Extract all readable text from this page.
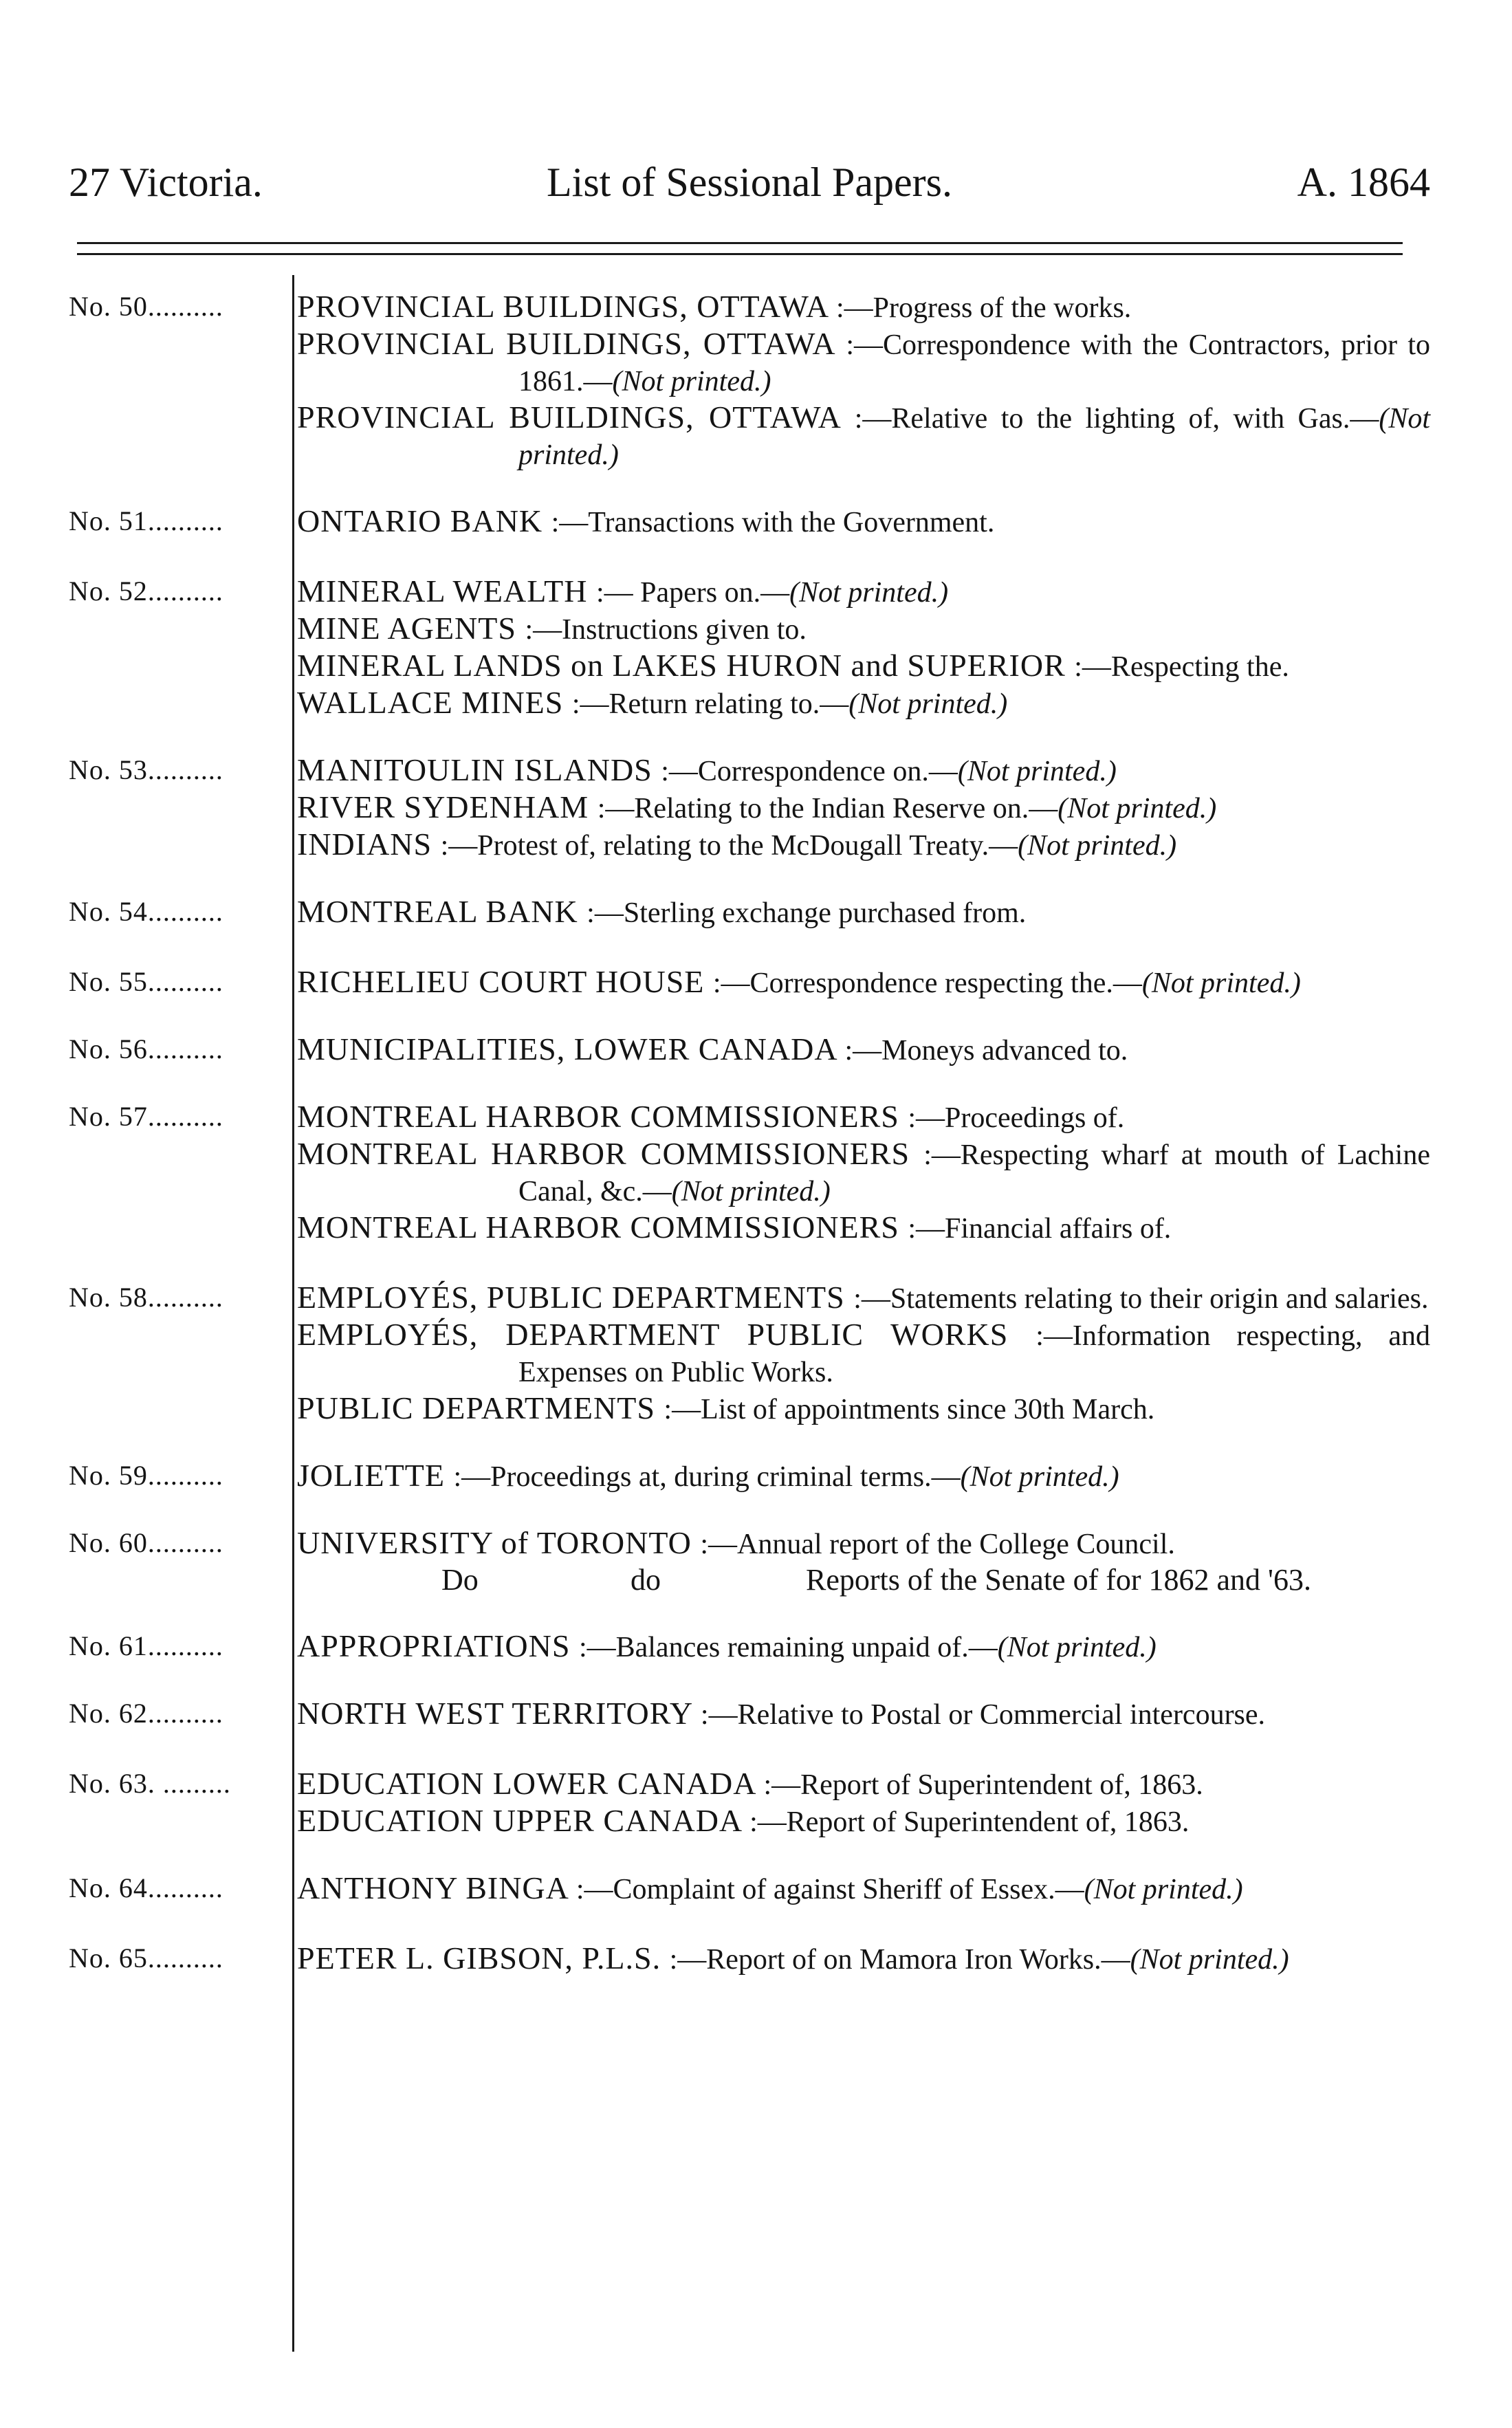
27 Victoria.	List of Sessional Papers.	A. 1864
No. 50..........	PROVINCIAL BUILDINGS, OTTAWA :—Progress of the works.
PROVINCIAL BUILDINGS, OTTAWA :—Correspondence with the Contractors, prior to 1861.—(Not printed.)
PROVINCIAL BUILDINGS, OTTAWA :—Relative to the lighting of, with Gas.—(Not printed.)
No. 51..........	ONTARIO BANK :—Transactions with the Government.
No. 52..........	MINERAL WEALTH :— Papers on.—(Not printed.)
MINE AGENTS :—Instructions given to.
MINERAL LANDS on LAKES HURON and SUPERIOR :—Respecting the.
WALLACE MINES :—Return relating to.—(Not printed.)
No. 53..........	MANITOULIN ISLANDS :—Correspondence on.—(Not printed.)
RIVER SYDENHAM :—Relating to the Indian Reserve on.—(Not printed.)
INDIANS :—Protest of, relating to the McDougall Treaty.—(Not printed.)
No. 54..........	MONTREAL BANK :—Sterling exchange purchased from.
No. 55..........	RICHELIEU COURT HOUSE :—Correspondence respecting the.—(Not printed.)
No. 56..........	MUNICIPALITIES, LOWER CANADA :—Moneys advanced to.
No. 57..........	MONTREAL HARBOR COMMISSIONERS :—Proceedings of.
MONTREAL HARBOR COMMISSIONERS :—Respecting wharf at mouth of Lachine Canal, &c.—(Not printed.)
MONTREAL HARBOR COMMISSIONERS :—Financial affairs of.
No. 58..........	EMPLOYÉS, PUBLIC DEPARTMENTS :—Statements relating to their origin and salaries.
EMPLOYÉS, DEPARTMENT PUBLIC WORKS :—Information respecting, and Expenses on Public Works.
PUBLIC DEPARTMENTS :—List of appointments since 30th March.
No. 59..........	JOLIETTE :—Proceedings at, during criminal terms.—(Not printed.)
No. 60..........	UNIVERSITY of TORONTO :—Annual report of the College Council.
Do	do	Reports of the Senate of for 1862 and '63.
No. 61..........	APPROPRIATIONS :—Balances remaining unpaid of.—(Not printed.)
No. 62..........	NORTH WEST TERRITORY :—Relative to Postal or Commercial intercourse.
No. 63. .........	EDUCATION LOWER CANADA :—Report of Superintendent of, 1863.
EDUCATION UPPER CANADA :—Report of Superintendent of, 1863.
No. 64..........	ANTHONY BINGA :—Complaint of against Sheriff of Essex.—(Not printed.)
No. 65..........	PETER L. GIBSON, P.L.S. :—Report of on Mamora Iron Works.—(Not printed.)
